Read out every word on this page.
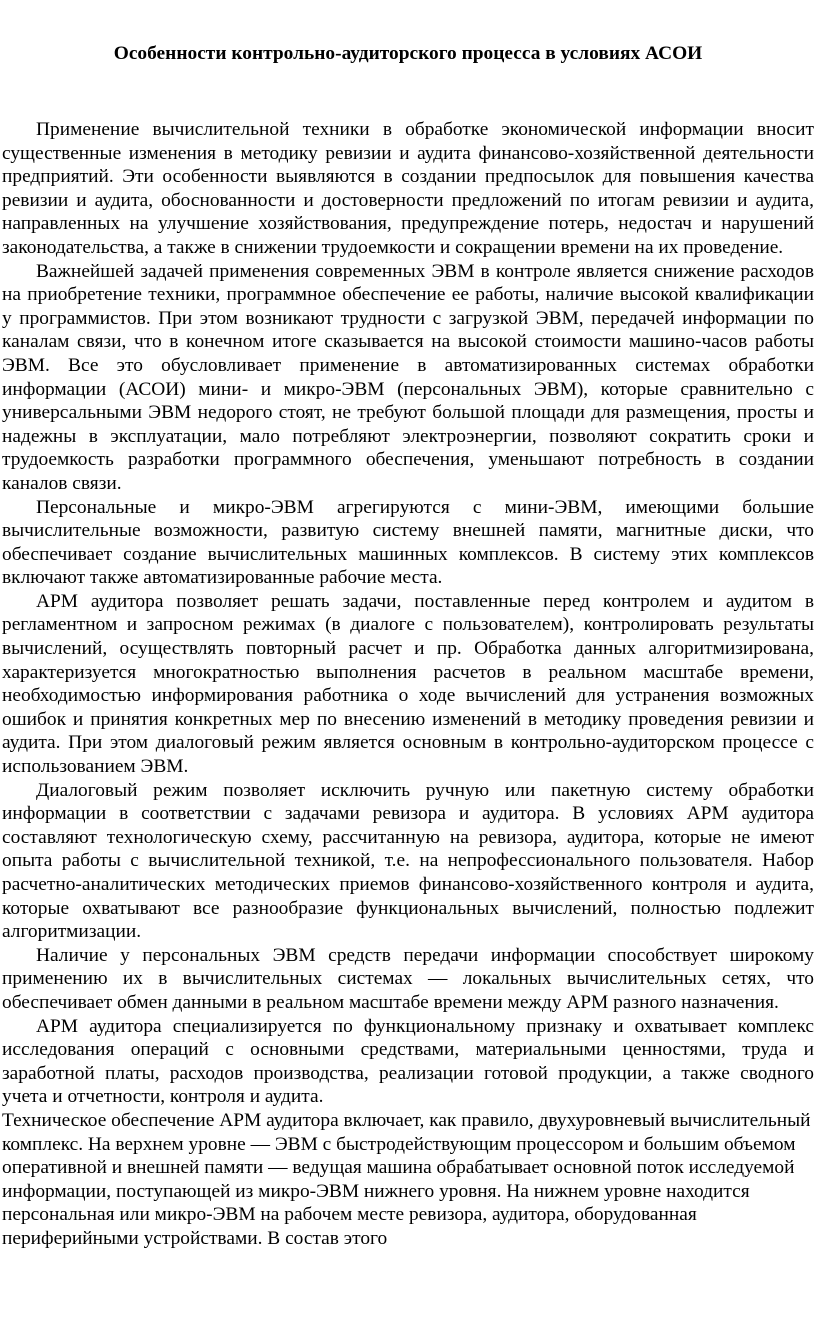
Особенности контрольно-аудиторского процесса в условиях АСОИ

Применение вычислительной техники в обработке экономической информации вносит существенные изменения в методику ревизии и аудита финансово-хозяйственной деятельности предприятий. Эти особенности выявляются в создании предпосылок для повышения качества ревизии и аудита, обоснованности и достоверности предложений по итогам ревизии и аудита, направленных на улучшение хозяйствования, предупреждение потерь, недостач и нарушений законодательства, а также в снижении трудоемкости и сокращении времени на их проведение.

Важнейшей задачей применения современных ЭВМ в контроле является снижение расходов на приобретение техники, программное обеспечение ее работы, наличие высокой квалификации у программистов. При этом возникают трудности с загрузкой ЭВМ, передачей информации по каналам связи, что в конечном итоге сказывается на высокой стоимости машино-часов работы ЭВМ. Все это обусловливает применение в автоматизированных системах обработки информации (АСОИ) мини- и микро-ЭВМ (персональных ЭВМ), которые сравнительно с универсальными ЭВМ недорого стоят, не требуют большой площади для размещения, просты и надежны в эксплуатации, мало потребляют электроэнергии, позволяют сократить сроки и трудоемкость разработки программного обеспечения, уменьшают потребность в создании каналов связи.

Персональные и микро-ЭВМ агрегируются с мини-ЭВМ, имеющими большие вычислительные возможности, развитую систему внешней памяти, магнитные диски, что обеспечивает создание вычислительных машинных комплексов. В систему этих комплексов включают также автоматизированные рабочие места.

АРМ аудитора позволяет решать задачи, поставленные перед контролем и аудитом в регламентном и запросном режимах (в диалоге с пользователем), контролировать результаты вычислений, осуществлять повторный расчет и пр. Обработка данных алгоритмизирована, характеризуется многократностью выполнения расчетов в реальном масштабе времени, необходимостью информирования работника о ходе вычислений для устранения возможных ошибок и принятия конкретных мер по внесению изменений в методику проведения ревизии и аудита. При этом диалоговый режим является основным в контрольно-аудиторском процессе с использованием ЭВМ.

Диалоговый режим позволяет исключить ручную или пакетную систему обработки информации в соответствии с задачами ревизора и аудитора. В условиях АРМ аудитора составляют технологическую схему, рассчитанную на ревизора, аудитора, которые не имеют опыта работы с вычислительной техникой, т.е. на непрофессионального пользователя. Набор расчетно-аналитических методических приемов финансово-хозяйственного контроля и аудита, которые охватывают все разнообразие функциональных вычислений, полностью подлежит алгоритмизации.

Наличие у персональных ЭВМ средств передачи информации способствует широкому применению их в вычислительных системах — локальных вычислительных сетях, что обеспечивает обмен данными в реальном масштабе времени между АРМ разного назначения.

АРМ аудитора специализируется по функциональному признаку и охватывает комплекс исследования операций с основными средствами, материальными ценностями, труда и заработной платы, расходов производства, реализации готовой продукции, а также сводного учета и отчетности, контроля и аудита.

Техническое обеспечение АРМ аудитора включает, как правило, двухуровневый вычислительный комплекс. На верхнем уровне — ЭВМ с быстродействующим процессором и большим объемом оперативной и внешней памяти — ведущая машина обрабатывает основной поток исследуемой информации, поступающей из микро-ЭВМ нижнего уровня. На нижнем уровне находится персональная или микро-ЭВМ на рабочем месте ревизора, аудитора, оборудованная периферийными устройствами. В состав этого
